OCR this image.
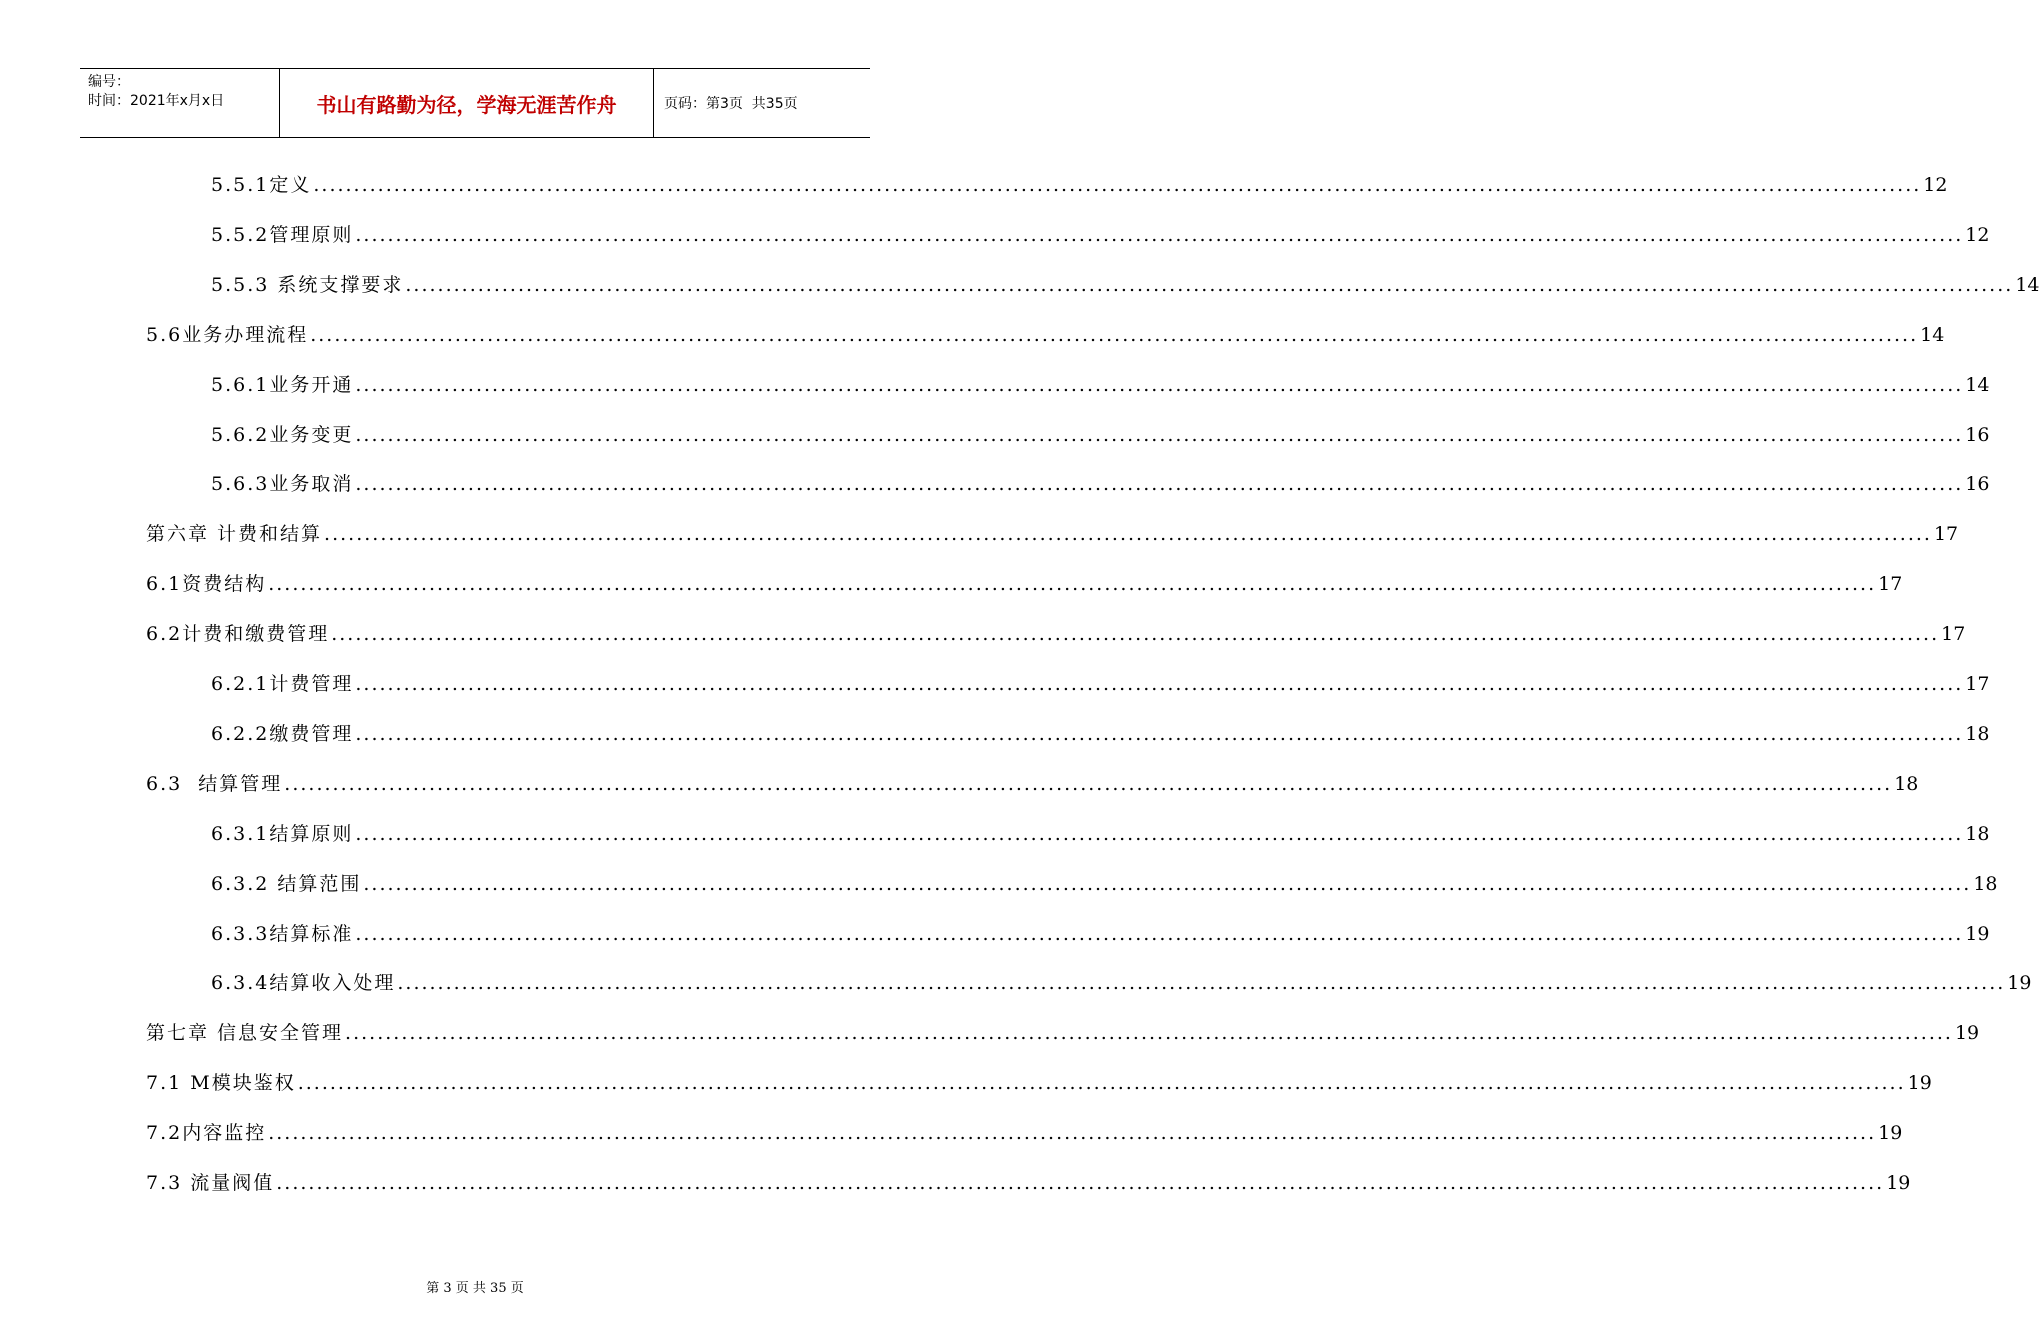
编号：
时间：2021年x月x日	书山有路勤为径，学海无涯苦作舟	页码：第3页  共35页
5.5.1定义 ........................................................................................................................................................................................................ 12
5.5.2管理原则 ........................................................................................................................................................................................................ 12
5.5.3 系统支撑要求 ........................................................................................................................................................................................................ 14
5.6业务办理流程 ........................................................................................................................................................................................................ 14
5.6.1业务开通 ........................................................................................................................................................................................................ 14
5.6.2业务变更 ........................................................................................................................................................................................................ 16
5.6.3业务取消 ........................................................................................................................................................................................................ 16
第六章 计费和结算 ........................................................................................................................................................................................................ 17
6.1资费结构 ........................................................................................................................................................................................................ 17
6.2计费和缴费管理 ........................................................................................................................................................................................................ 17
6.2.1计费管理 ........................................................................................................................................................................................................ 17
6.2.2缴费管理 ........................................................................................................................................................................................................ 18
6.3  结算管理 ........................................................................................................................................................................................................ 18
6.3.1结算原则 ........................................................................................................................................................................................................ 18
6.3.2 结算范围 ........................................................................................................................................................................................................ 18
6.3.3结算标准 ........................................................................................................................................................................................................ 19
6.3.4结算收入处理 ........................................................................................................................................................................................................ 19
第七章 信息安全管理 ........................................................................................................................................................................................................ 19
7.1 M模块鉴权 ........................................................................................................................................................................................................ 19
7.2内容监控 ........................................................................................................................................................................................................ 19
7.3 流量阀值 ........................................................................................................................................................................................................ 19
第 3 页 共 35 页
